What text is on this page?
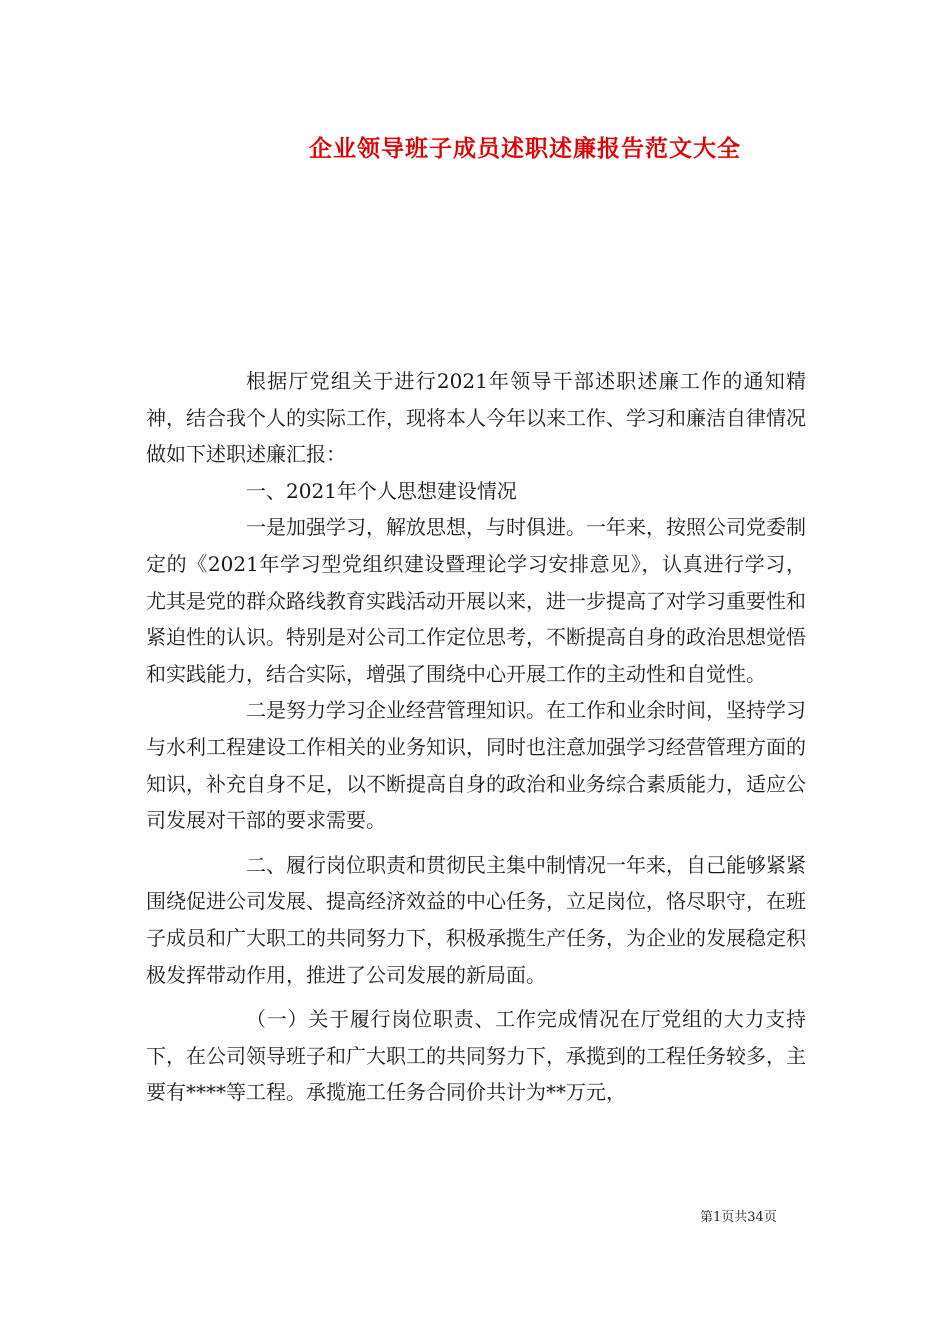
企业领导班子成员述职述廉报告范文大全

根据厅党组关于进行2021年领导干部述职述廉工作的通知精神，结合我个人的实际工作，现将本人今年以来工作、学习和廉洁自律情况做如下述职述廉汇报：

一、2021年个人思想建设情况

一是加强学习，解放思想，与时俱进。一年来，按照公司党委制定的《2021年学习型党组织建设暨理论学习安排意见》，认真进行学习，尤其是党的群众路线教育实践活动开展以来，进一步提高了对学习重要性和紧迫性的认识。特别是对公司工作定位思考，不断提高自身的政治思想觉悟和实践能力，结合实际，增强了围绕中心开展工作的主动性和自觉性。

二是努力学习企业经营管理知识。在工作和业余时间，坚持学习与水利工程建设工作相关的业务知识，同时也注意加强学习经营管理方面的知识，补充自身不足，以不断提高自身的政治和业务综合素质能力，适应公司发展对干部的要求需要。

二、履行岗位职责和贯彻民主集中制情况一年来，自己能够紧紧围绕促进公司发展、提高经济效益的中心任务，立足岗位，恪尽职守，在班子成员和广大职工的共同努力下，积极承揽生产任务，为企业的发展稳定积极发挥带动作用，推进了公司发展的新局面。

（一）关于履行岗位职责、工作完成情况在厅党组的大力支持下，在公司领导班子和广大职工的共同努力下，承揽到的工程任务较多，主要有****等工程。承揽施工任务合同价共计为**万元，

第1页共34页
